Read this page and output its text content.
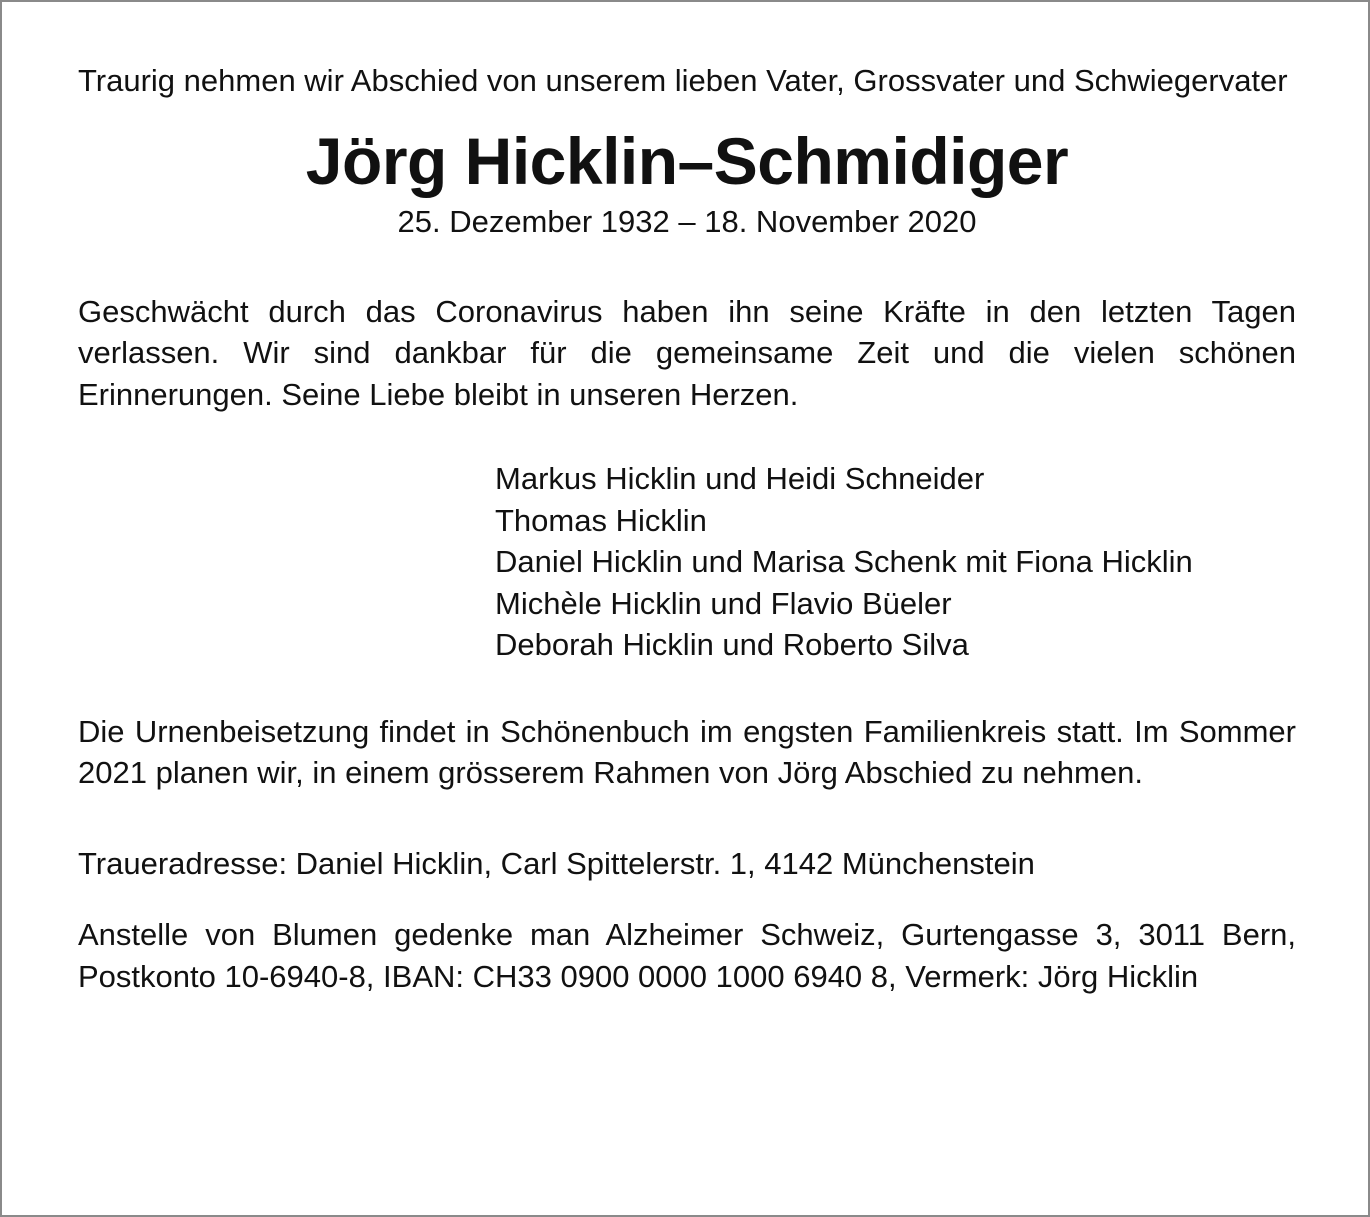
Traurig nehmen wir Abschied von unserem lieben Vater, Grossvater und Schwiegervater

Jörg Hicklin–Schmidiger

25. Dezember 1932 – 18. November 2020

Geschwächt durch das Coronavirus haben ihn seine Kräfte in den letzten Tagen verlassen. Wir sind dankbar für die gemeinsame Zeit und die vielen schönen Erinnerungen. Seine Liebe bleibt in unseren Herzen.

Markus Hicklin und Heidi Schneider
Thomas Hicklin
Daniel Hicklin und Marisa Schenk mit Fiona Hicklin
Michèle Hicklin und Flavio Büeler
Deborah Hicklin und Roberto Silva

Die Urnenbeisetzung findet in Schönenbuch im engsten Familienkreis statt. Im Sommer 2021 planen wir, in einem grösserem Rahmen von Jörg Abschied zu nehmen.

Traueradresse: Daniel Hicklin, Carl Spittelerstr. 1, 4142 Münchenstein

Anstelle von Blumen gedenke man Alzheimer Schweiz, Gurtengasse 3, 3011 Bern, Postkonto 10-6940-8, IBAN: CH33 0900 0000 1000 6940 8, Vermerk: Jörg Hicklin
